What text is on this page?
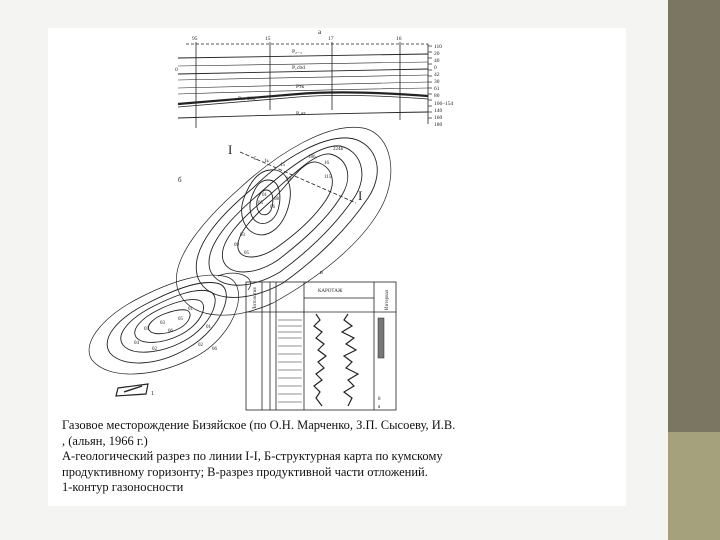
a
95	15	17	16
0
P₂₋₃
P₁cbd
Pтк
P₁вт
Рвт 200
110
20
40
0
42
30
61
80
106–154
140
160
180
б
I
I
5 1ь
15	16
224в
186
115
10
01
05
06
08
03
09
05
01
05
03
06
05
04
02
02
01
06
1
в
КАРОТАЖ
Литология	Интервал
8
я
Газовое месторождение Бизяйское (по О.Н. Марченко, З.П. Сысоеву, И.В.
, (альян, 1966 г.)
А-геологический разрез по линии I-I, Б-структурная карта по кумскому
продуктивному горизонту; В-разрез продуктивной части отложений.
1-контур газоносности
